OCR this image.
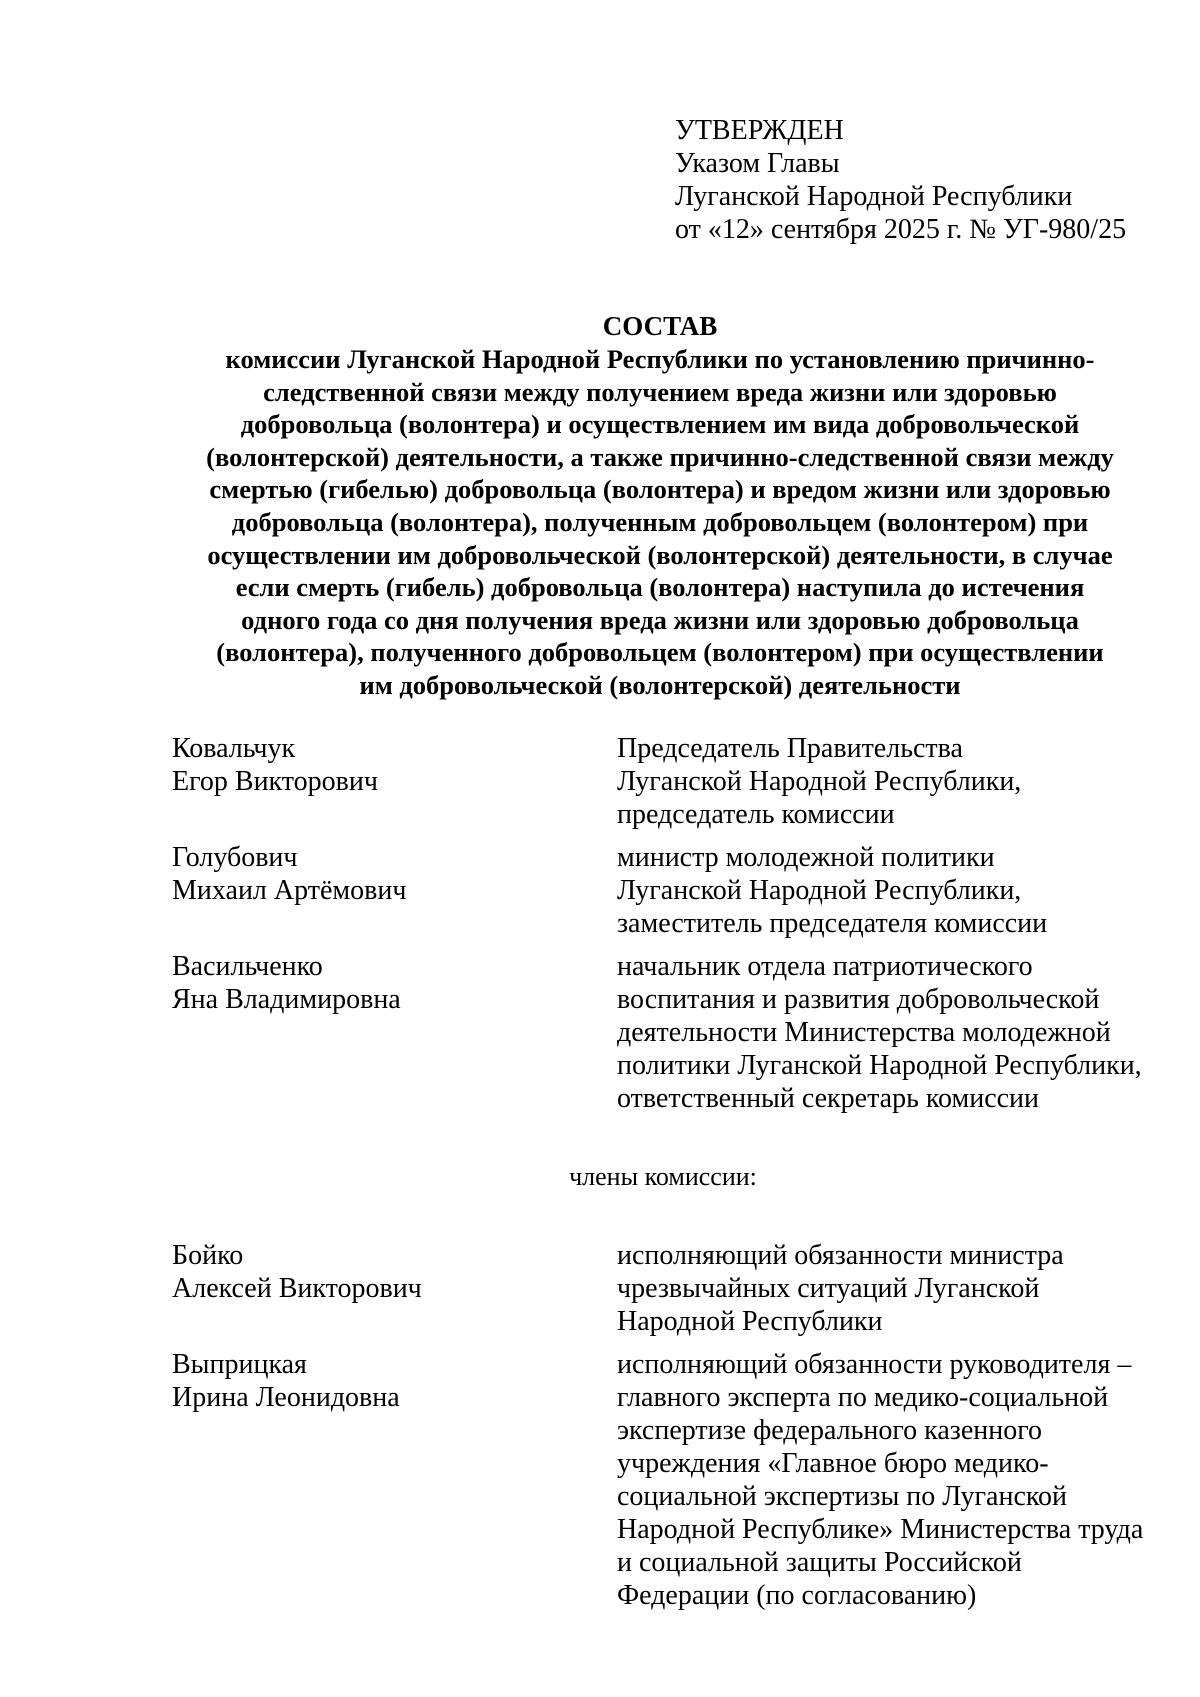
УТВЕРЖДЕН
Указом Главы
Луганской Народной Республики
от «12» сентября 2025 г. № УГ-980/25
СОСТАВ
комиссии Луганской Народной Республики по установлению причинно-
следственной связи между получением вреда жизни или здоровью
добровольца (волонтера) и осуществлением им вида добровольческой
(волонтерской) деятельности, а также причинно-следственной связи между
смертью (гибелью) добровольца (волонтера) и вредом жизни или здоровью
добровольца (волонтера), полученным добровольцем (волонтером) при
осуществлении им добровольческой (волонтерской) деятельности, в случае
если смерть (гибель) добровольца (волонтера) наступила до истечения
одного года со дня получения вреда жизни или здоровью добровольца
(волонтера), полученного добровольцем (волонтером) при осуществлении
им добровольческой (волонтерской) деятельности
Ковальчук
Егор Викторович
Председатель Правительства
Луганской Народной Республики,
председатель комиссии
Голубович
Михаил Артёмович
министр молодежной политики
Луганской Народной Республики,
заместитель председателя комиссии
Васильченко
Яна Владимировна
начальник отдела патриотического
воспитания и развития добровольческой
деятельности Министерства молодежной
политики Луганской Народной Республики,
ответственный секретарь комиссии
члены комиссии:
Бойко
Алексей Викторович
исполняющий обязанности министра
чрезвычайных ситуаций Луганской
Народной Республики
Выприцкая
Ирина Леонидовна
исполняющий обязанности руководителя –
главного эксперта по медико-социальной
экспертизе федерального казенного
учреждения «Главное бюро медико-
социальной экспертизы по Луганской
Народной Республике» Министерства труда
и социальной защиты Российской
Федерации (по согласованию)
